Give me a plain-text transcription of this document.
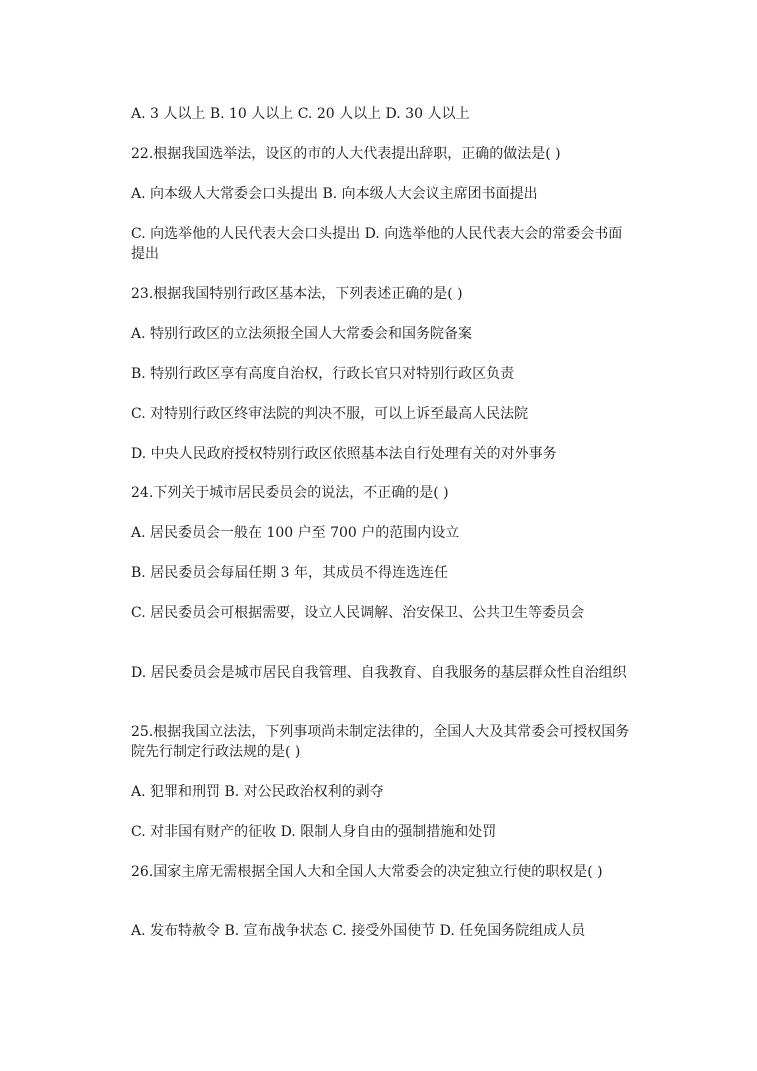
A. 3 人以上 B. 10 人以上 C. 20 人以上 D. 30 人以上
22.根据我国选举法，设区的市的人大代表提出辞职，正确的做法是( )
A. 向本级人大常委会口头提出 B. 向本级人大会议主席团书面提出
C. 向选举他的人民代表大会口头提出 D. 向选举他的人民代表大会的常委会书面提出
23.根据我国特别行政区基本法，下列表述正确的是( )
A. 特别行政区的立法须报全国人大常委会和国务院备案
B. 特别行政区享有高度自治权，行政长官只对特别行政区负责
C. 对特别行政区终审法院的判决不服，可以上诉至最高人民法院
D. 中央人民政府授权特别行政区依照基本法自行处理有关的对外事务
24.下列关于城市居民委员会的说法，不正确的是( )
A. 居民委员会一般在 100 户至 700 户的范围内设立
B. 居民委员会每届任期 3 年，其成员不得连选连任
C. 居民委员会可根据需要，设立人民调解、治安保卫、公共卫生等委员会
D. 居民委员会是城市居民自我管理、自我教育、自我服务的基层群众性自治组织
25.根据我国立法法，下列事项尚未制定法律的，全国人大及其常委会可授权国务院先行制定行政法规的是( )
A. 犯罪和刑罚 B. 对公民政治权利的剥夺
C. 对非国有财产的征收 D. 限制人身自由的强制措施和处罚
26.国家主席无需根据全国人大和全国人大常委会的决定独立行使的职权是( )
A. 发布特赦令 B. 宣布战争状态 C. 接受外国使节 D. 任免国务院组成人员
